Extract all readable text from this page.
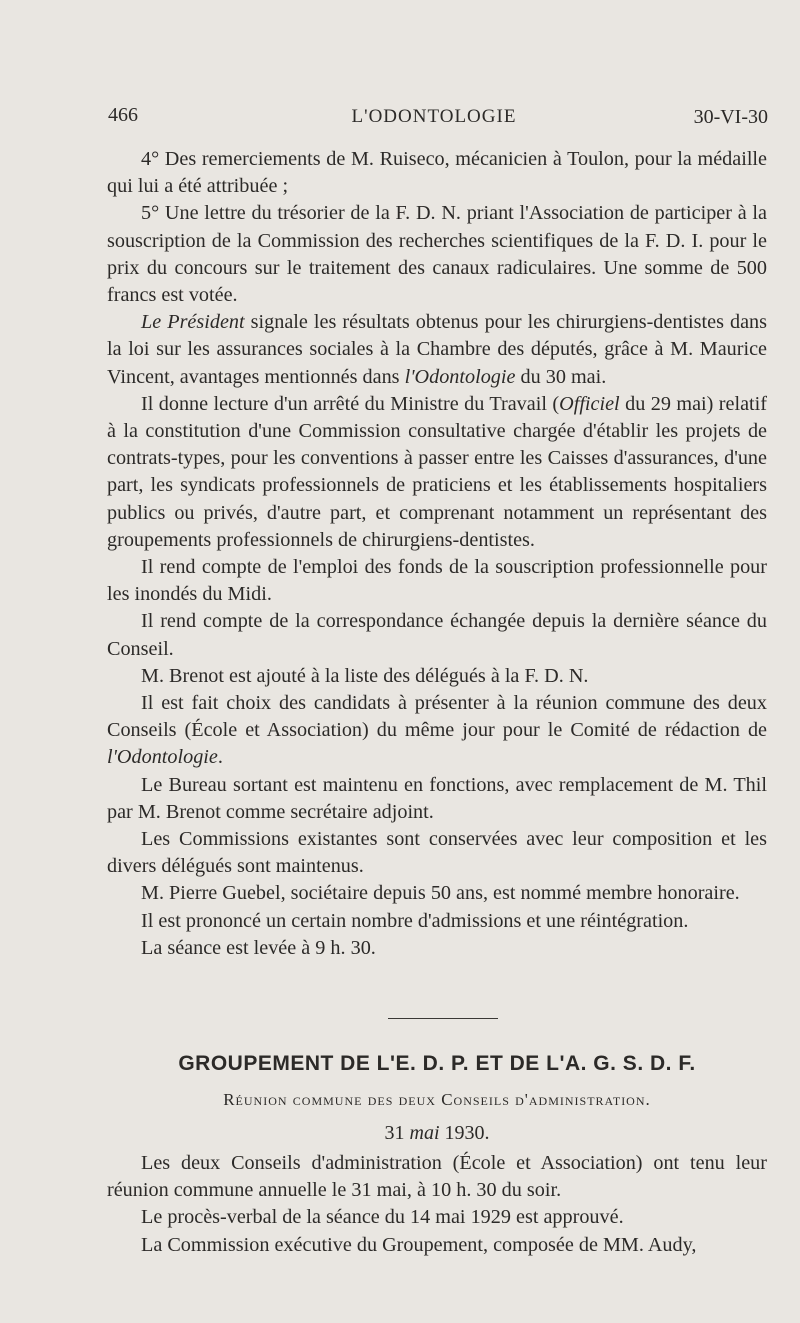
466	L'ODONTOLOGIE	30-VI-30

4° Des remerciements de M. Ruiseco, mécanicien à Toulon, pour la médaille qui lui a été attribuée ;

5° Une lettre du trésorier de la F. D. N. priant l'Association de participer à la souscription de la Commission des recherches scientifiques de la F. D. I. pour le prix du concours sur le traitement des canaux radiculaires. Une somme de 500 francs est votée.

Le Président signale les résultats obtenus pour les chirurgiens-dentistes dans la loi sur les assurances sociales à la Chambre des députés, grâce à M. Maurice Vincent, avantages mentionnés dans l'Odontologie du 30 mai.

Il donne lecture d'un arrêté du Ministre du Travail (Officiel du 29 mai) relatif à la constitution d'une Commission consultative chargée d'établir les projets de contrats-types, pour les conventions à passer entre les Caisses d'assurances, d'une part, les syndicats professionnels de praticiens et les établissements hospitaliers publics ou privés, d'autre part, et comprenant notamment un représentant des groupements professionnels de chirurgiens-dentistes.

Il rend compte de l'emploi des fonds de la souscription professionnelle pour les inondés du Midi.

Il rend compte de la correspondance échangée depuis la dernière séance du Conseil.

M. Brenot est ajouté à la liste des délégués à la F. D. N.

Il est fait choix des candidats à présenter à la réunion commune des deux Conseils (École et Association) du même jour pour le Comité de rédaction de l'Odontologie.

Le Bureau sortant est maintenu en fonctions, avec remplacement de M. Thil par M. Brenot comme secrétaire adjoint.

Les Commissions existantes sont conservées avec leur composition et les divers délégués sont maintenus.

M. Pierre Guebel, sociétaire depuis 50 ans, est nommé membre honoraire.

Il est prononcé un certain nombre d'admissions et une réintégration.

La séance est levée à 9 h. 30.

GROUPEMENT DE L'E. D. P. ET DE L'A. G. S. D. F.
Réunion commune des deux Conseils d'administration.
31 mai 1930.

Les deux Conseils d'administration (École et Association) ont tenu leur réunion commune annuelle le 31 mai, à 10 h. 30 du soir.

Le procès-verbal de la séance du 14 mai 1929 est approuvé.

La Commission exécutive du Groupement, composée de MM. Audy,
